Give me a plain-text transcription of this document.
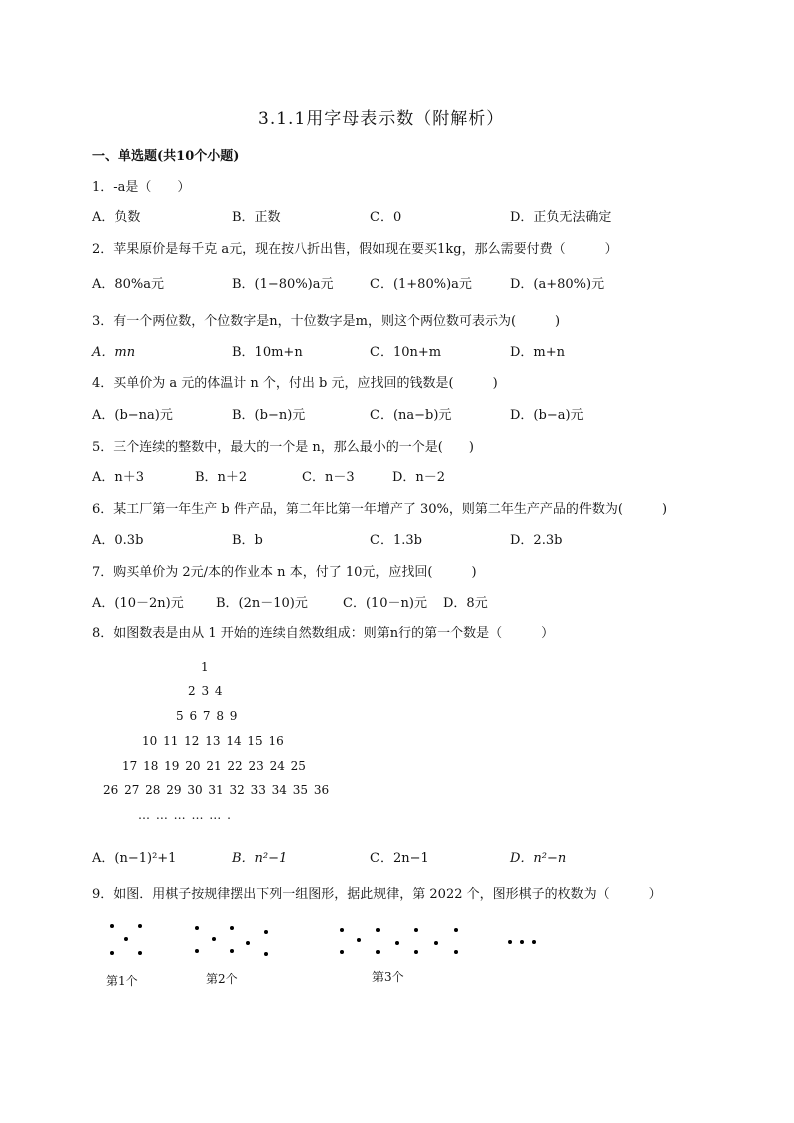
3.1.1用字母表示数（附解析）
一、单选题(共10个小题)
1．-a是（　　）
A．负数	B．正数	C．0	D．正负无法确定
2．苹果原价是每千克 a元，现在按八折出售，假如现在要买1kg，那么需要付费（　　　）
A．80%a元	B．(1−80%)a元	C．(1+80%)a元	D．(a+80%)元
3．有一个两位数，个位数字是n，十位数字是m，则这个两位数可表示为(　　　)
A．mn	B．10m+n	C．10n+m	D．m+n
4．买单价为 a 元的体温计 n 个，付出 b 元，应找回的钱数是(　　　)
A．(b−na)元	B．(b−n)元	C．(na−b)元	D．(b−a)元
5．三个连续的整数中，最大的一个是 n，那么最小的一个是(　　)
A．n＋3	B．n＋2	C．n－3	D．n－2
6．某工厂第一年生产 b 件产品，第二年比第一年增产了 30%，则第二年生产产品的件数为(　　　)
A．0.3b	B．b	C．1.3b	D．2.3b
7．购买单价为 2元/本的作业本 n 本，付了 10元，应找回(　　　)
A．(10－2n)元 B．(2n－10)元	C．(10－n)元 D．8元
8．如图数表是由从 1 开始的连续自然数组成：则第n行的第一个数是（　　　）
1
2 3 4
5 6 7 8 9
10 11 12 13 14 15 16
17 18 19 20 21 22 23 24 25
26 27 28 29 30 31 32 33 34 35 36
… … … … … .
A．(n−1)²+1	B．n²−1	C．2n−1	D．n²−n
9．如图．用棋子按规律摆出下列一组图形，据此规律，第 2022 个，图形棋子的枚数为（　　　）
第1个	第2个	第3个
